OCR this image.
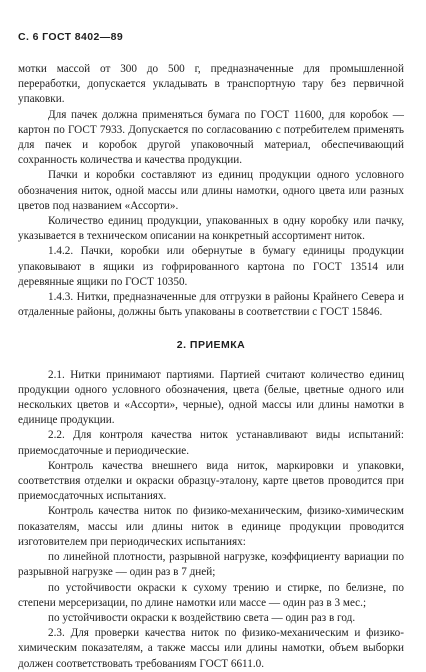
С. 6 ГОСТ 8402—89

мотки массой от 300 до 500 г, предназначенные для промышленной переработки, допускается укладывать в транспортную тару без первичной упаковки.

Для пачек должна применяться бумага по ГОСТ 11600, для коробок — картон по ГОСТ 7933. Допускается по согласованию с потребителем применять для пачек и коробок другой упаковочный материал, обеспечивающий сохранность количества и качества продукции.

Пачки и коробки составляют из единиц продукции одного условного обозначения ниток, одной массы или длины намотки, одного цвета или разных цветов под названием «Ассорти».

Количество единиц продукции, упакованных в одну коробку или пачку, указывается в техническом описании на конкретный ассортимент ниток.

1.4.2. Пачки, коробки или обернутые в бумагу единицы продукции упаковывают в ящики из гофрированного картона по ГОСТ 13514 или деревянные ящики по ГОСТ 10350.

1.4.3. Нитки, предназначенные для отгрузки в районы Крайнего Севера и отдаленные районы, должны быть упакованы в соответствии с ГОСТ 15846.

2. ПРИЕМКА

2.1. Нитки принимают партиями. Партией считают количество единиц продукции одного условного обозначения, цвета (белые, цветные одного или нескольких цветов и «Ассорти», черные), одной массы или длины намотки в единице продукции.

2.2. Для контроля качества ниток устанавливают виды испытаний: приемосдаточные и периодические.

Контроль качества внешнего вида ниток, маркировки и упаковки, соответствия отделки и окраски образцу-эталону, карте цветов проводится при приемосдаточных испытаниях.

Контроль качества ниток по физико-механическим, физико-химическим показателям, массы или длины ниток в единице продукции проводится изготовителем при периодических испытаниях:

по линейной плотности, разрывной нагрузке, коэффициенту вариации по разрывной нагрузке — один раз в 7 дней;

по устойчивости окраски к сухому трению и стирке, по белизне, по степени мерсеризации, по длине намотки или массе — один раз в 3 мес.;

по устойчивости окраски к воздействию света — один раз в год.

2.3. Для проверки качества ниток по физико-механическим и физико-химическим показателям, а также массы или длины намотки, объем выборки должен соответствовать требованиям ГОСТ 6611.0.
